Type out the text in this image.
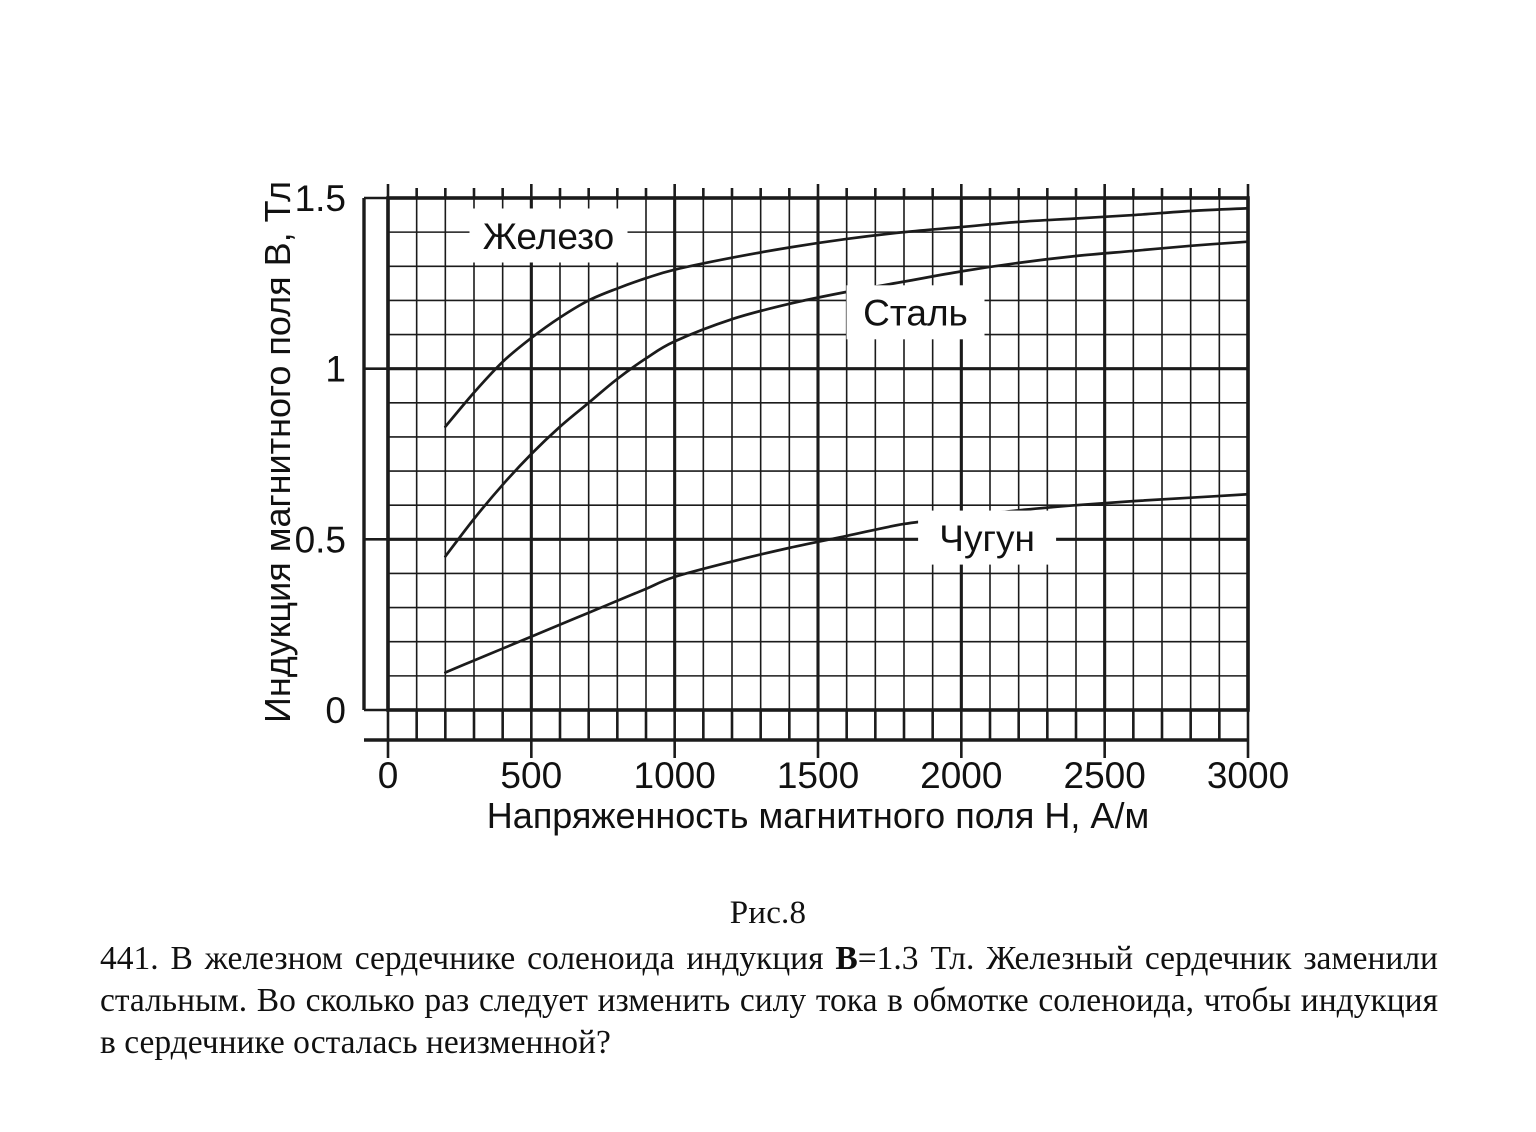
Железо
Сталь
Чугун
0	500 1000 1500 2000 2500 3000
0
0.5
1
1.5
Напряженность магнитного поля H, А/м
Индукция магнитного поля B, Тл
Рис.8

441. В железном сердечнике соленоида индукция B=1.3 Тл. Железный сердечник заменили стальным. Во сколько раз следует изменить силу тока в обмотке соленоида, чтобы индукция в сердечнике осталась неизменной?
